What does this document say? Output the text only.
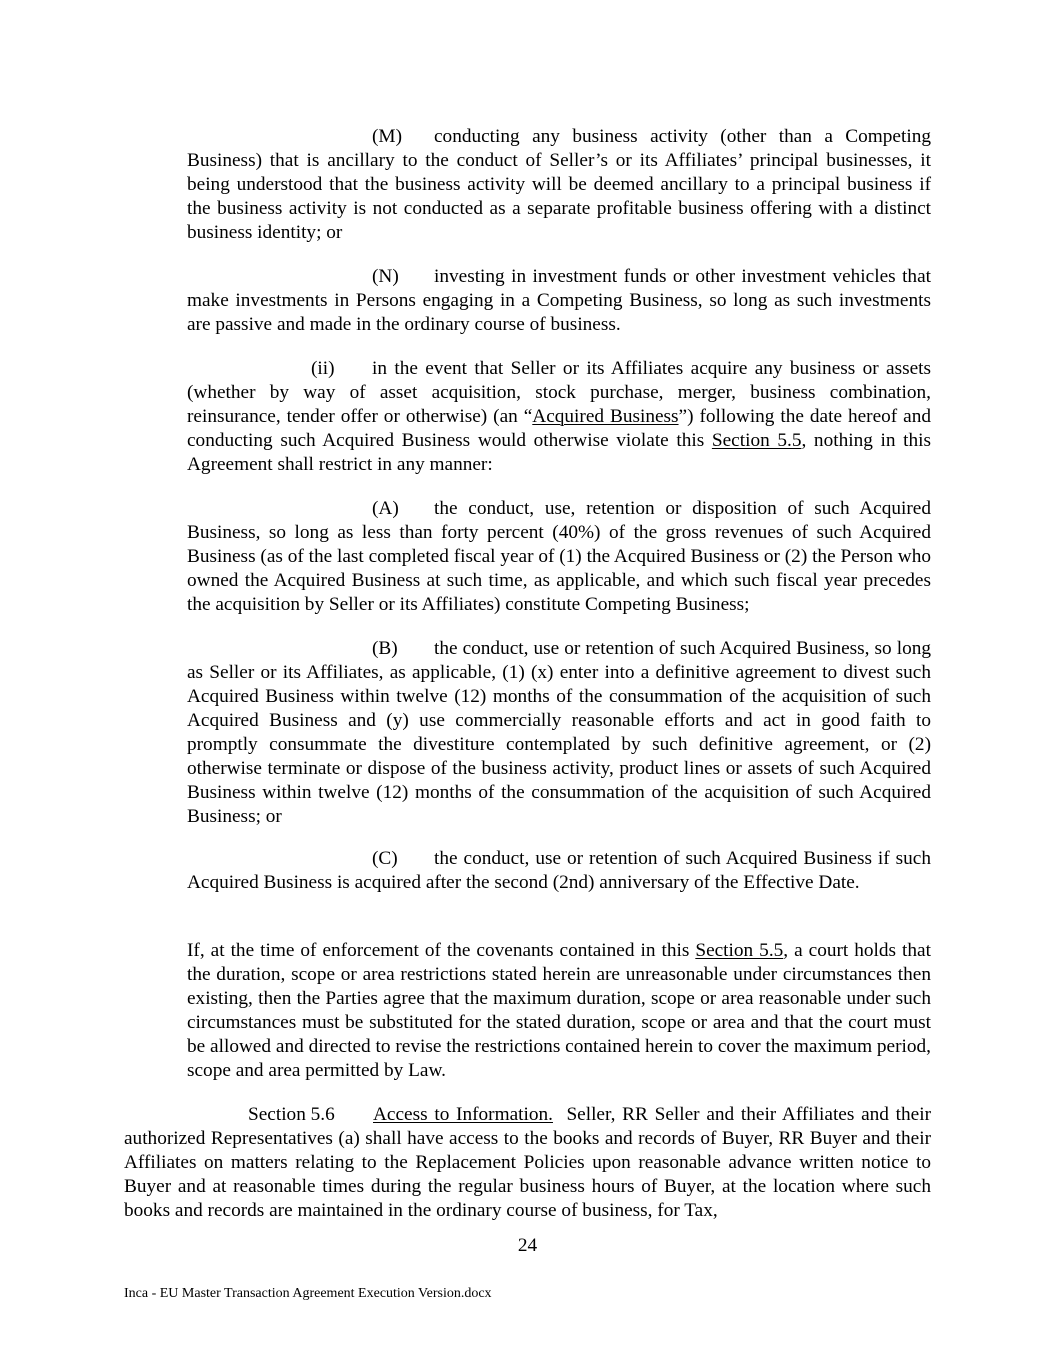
(M) conducting any business activity (other than a Competing Business) that is ancillary to the conduct of Seller’s or its Affiliates’ principal businesses, it being understood that the business activity will be deemed ancillary to a principal business if the business activity is not conducted as a separate profitable business offering with a distinct business identity; or

(N) investing in investment funds or other investment vehicles that make investments in Persons engaging in a Competing Business, so long as such investments are passive and made in the ordinary course of business.

(ii) in the event that Seller or its Affiliates acquire any business or assets (whether by way of asset acquisition, stock purchase, merger, business combination, reinsurance, tender offer or otherwise) (an “Acquired Business”) following the date hereof and conducting such Acquired Business would otherwise violate this Section 5.5, nothing in this Agreement shall restrict in any manner:

(A) the conduct, use, retention or disposition of such Acquired Business, so long as less than forty percent (40%) of the gross revenues of such Acquired Business (as of the last completed fiscal year of (1) the Acquired Business or (2) the Person who owned the Acquired Business at such time, as applicable, and which such fiscal year precedes the acquisition by Seller or its Affiliates) constitute Competing Business;

(B) the conduct, use or retention of such Acquired Business, so long as Seller or its Affiliates, as applicable, (1) (x) enter into a definitive agreement to divest such Acquired Business within twelve (12) months of the consummation of the acquisition of such Acquired Business and (y) use commercially reasonable efforts and act in good faith to promptly consummate the divestiture contemplated by such definitive agreement, or (2) otherwise terminate or dispose of the business activity, product lines or assets of such Acquired Business within twelve (12) months of the consummation of the acquisition of such Acquired Business; or

(C) the conduct, use or retention of such Acquired Business if such Acquired Business is acquired after the second (2nd) anniversary of the Effective Date.

If, at the time of enforcement of the covenants contained in this Section 5.5, a court holds that the duration, scope or area restrictions stated herein are unreasonable under circumstances then existing, then the Parties agree that the maximum duration, scope or area reasonable under such circumstances must be substituted for the stated duration, scope or area and that the court must be allowed and directed to revise the restrictions contained herein to cover the maximum period, scope and area permitted by Law.

Section 5.6 Access to Information. Seller, RR Seller and their Affiliates and their authorized Representatives (a) shall have access to the books and records of Buyer, RR Buyer and their Affiliates on matters relating to the Replacement Policies upon reasonable advance written notice to Buyer and at reasonable times during the regular business hours of Buyer, at the location where such books and records are maintained in the ordinary course of business, for Tax,

24
Inca - EU Master Transaction Agreement Execution Version.docx
